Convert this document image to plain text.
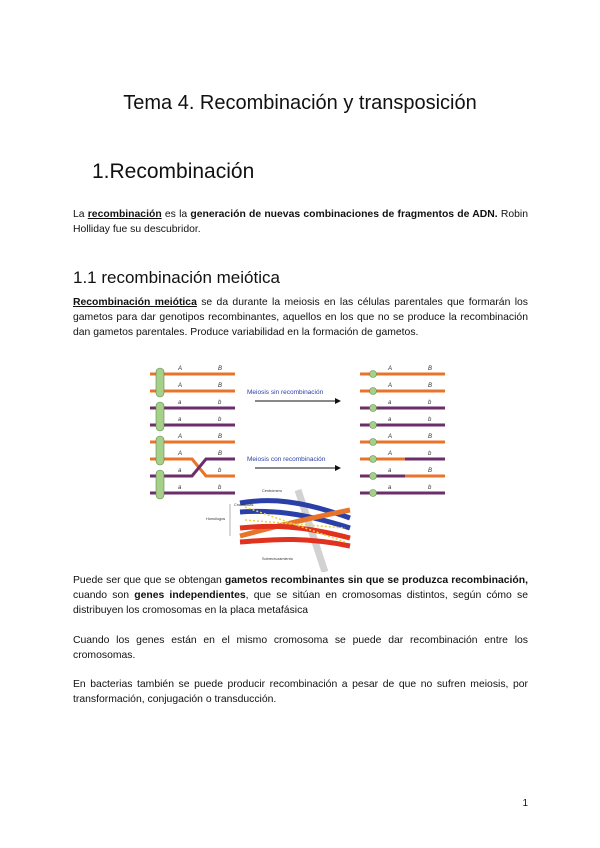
Tema 4. Recombinación y transposición
1.Recombinación

La recombinación es la generación de nuevas combinaciones de fragmentos de ADN. Robin Holliday fue su descubridor.

1.1 recombinación meiótica

Recombinación meiótica se da durante la meiosis en las células parentales que formarán los gametos para dar genotipos recombinantes, aquellos en los que no se produce la recombinación dan gametos parentales. Produce variabilidad en la formación de gametos.

A	B
A	B
a	b
a	b
Meiosis sin recombinación
A	B
A	B
a	b
a	b
A	B
A	B
a	b
a	b
Meiosis con recombinación
A	B
A	b
a	B
a	b
Centrómero
Cromátidas
Homólogos
Sobrecruzamiento

Puede ser que que se obtengan gametos recombinantes sin que se produzca recombinación, cuando son genes independientes, que se sitúan en cromosomas distintos, según cómo se distribuyen los cromosomas en la placa metafásica

Cuando los genes están en el mismo cromosoma se puede dar recombinación entre los cromosomas.

En bacterias también se puede producir recombinación a pesar de que no sufren meiosis, por transformación, conjugación o transducción.

1
